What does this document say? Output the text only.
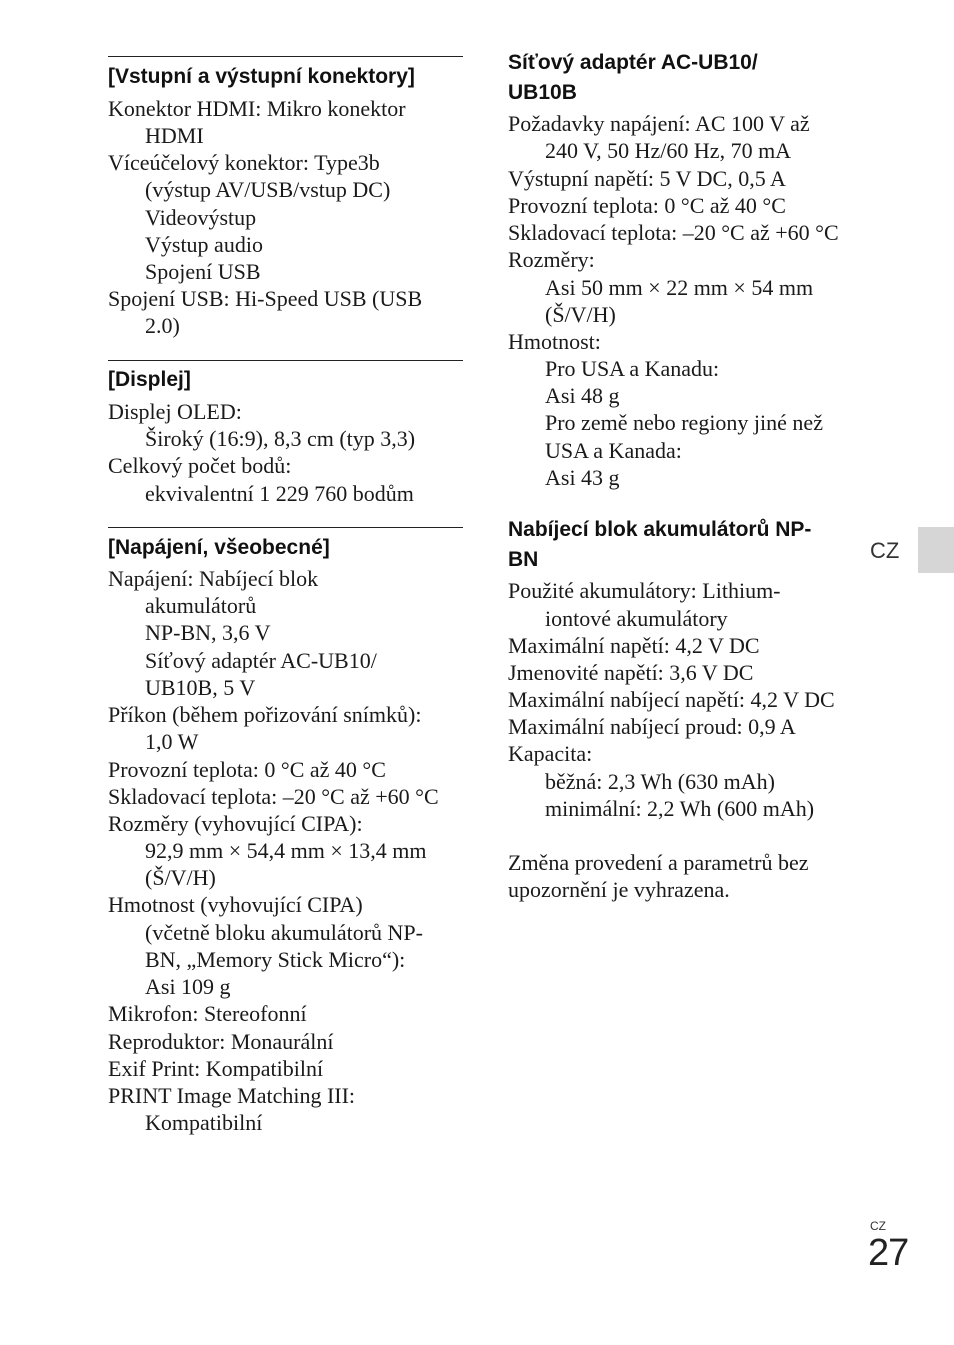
[Vstupní a výstupní konektory]
Konektor HDMI: Mikro konektor
HDMI
Víceúčelový konektor: Type3b
(výstup AV/USB/vstup DC)
Videovýstup
Výstup audio
Spojení USB
Spojení USB: Hi-Speed USB (USB
2.0)
[Displej]
Displej OLED:
Široký (16:9), 8,3 cm (typ 3,3)
Celkový počet bodů:
ekvivalentní 1 229 760 bodům
[Napájení, všeobecné]
Napájení: Nabíjecí blok
akumulátorů
NP-BN, 3,6 V
Síťový adaptér AC-UB10/
UB10B, 5 V
Příkon (během pořizování snímků):
1,0 W
Provozní teplota: 0 °C až 40 °C
Skladovací teplota: –20 °C až +60 °C
Rozměry (vyhovující CIPA):
92,9 mm × 54,4 mm × 13,4 mm
(Š/V/H)
Hmotnost (vyhovující CIPA)
(včetně bloku akumulátorů NP-
BN, „Memory Stick Micro“):
Asi 109 g
Mikrofon: Stereofonní
Reproduktor: Monaurální
Exif Print: Kompatibilní
PRINT Image Matching III:
Kompatibilní
Síťový adaptér AC-UB10/
UB10B
Požadavky napájení: AC 100 V až
240 V, 50 Hz/60 Hz, 70 mA
Výstupní napětí: 5 V DC, 0,5 A
Provozní teplota: 0 °C až 40 °C
Skladovací teplota: –20 °C až +60 °C
Rozměry:
Asi 50 mm × 22 mm × 54 mm
(Š/V/H)
Hmotnost:
Pro USA a Kanadu:
Asi 48 g
Pro země nebo regiony jiné než
USA a Kanada:
Asi 43 g
Nabíjecí blok akumulátorů NP-
BN
Použité akumulátory: Lithium-
iontové akumulátory
Maximální napětí: 4,2 V DC
Jmenovité napětí: 3,6 V DC
Maximální nabíjecí napětí: 4,2 V DC
Maximální nabíjecí proud: 0,9 A
Kapacita:
běžná: 2,3 Wh (630 mAh)
minimální: 2,2 Wh (600 mAh)
Změna provedení a parametrů bez
upozornění je vyhrazena.
CZ
CZ
27
